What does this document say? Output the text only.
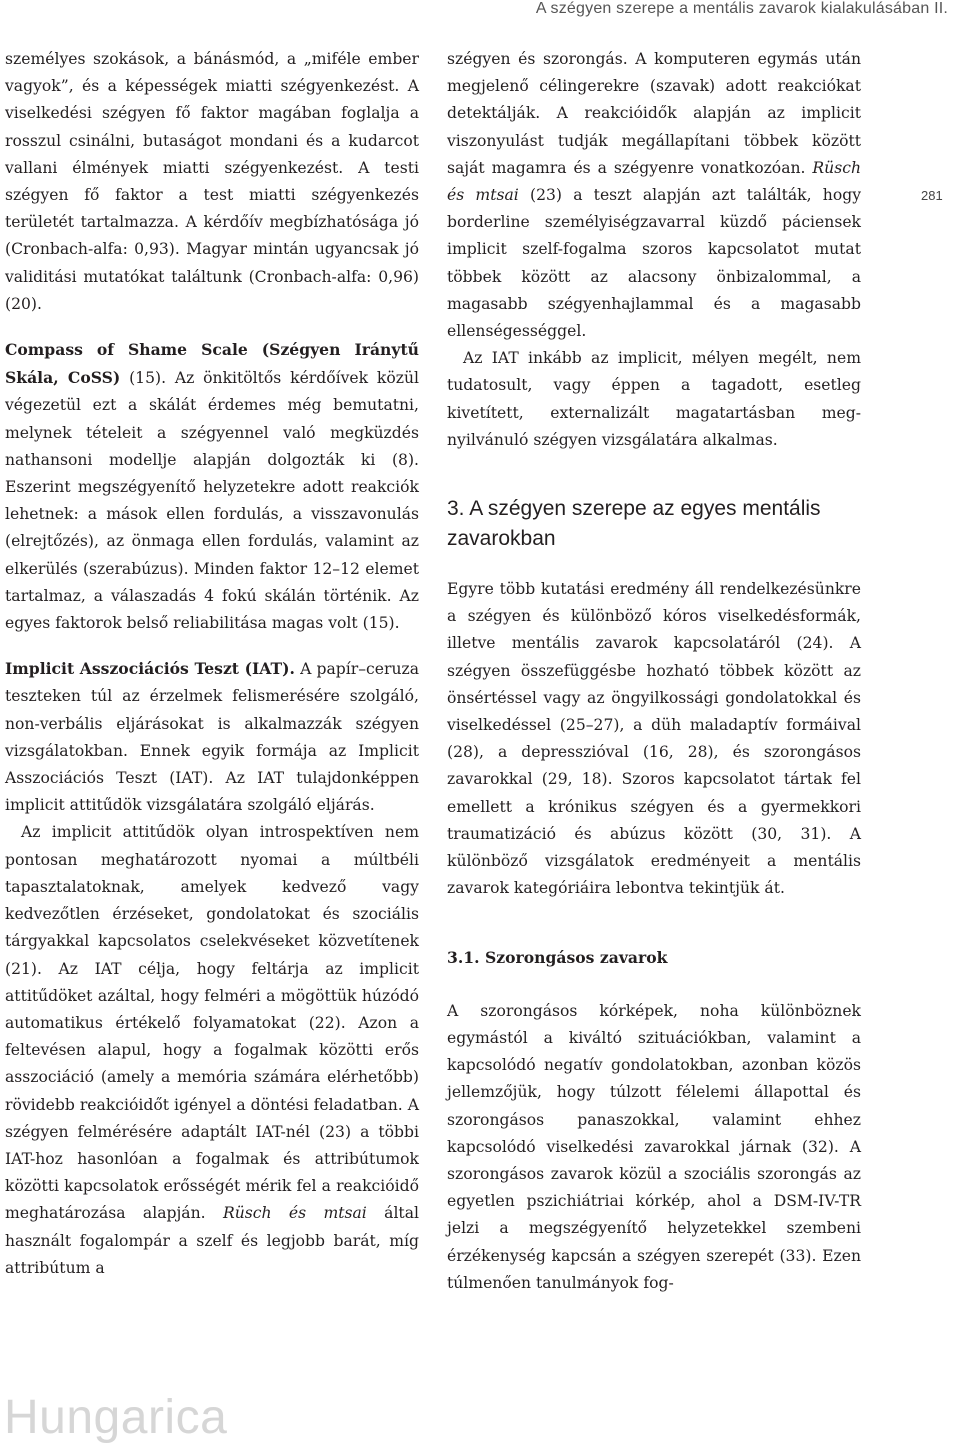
A szégyen szerepe a mentális zavarok kialakulásában II.
281
Hungarica

személyes szokások, a bánásmód, a „miféle ember vagyok”, és a képességek miatti szégyenkezést. A viselkedési szégyen fő faktor magában foglalja a rosszul csinálni, butaságot mondani és a kudarcot vallani élmények miatti szégyenkezést. A testi szégyen fő faktor a test miatti szégyenkezés területét tartalmazza. A kérdőív megbízhatósága jó (Cronbach-alfa: 0,93). Magyar mintán ugyancsak jó validitási mutatókat találtunk (Cronbach-alfa: 0,96) (20).

Compass of Shame Scale (Szégyen Iránytű Skála, CoSS) (15). Az önkitöltős kérdőívek közül végezetül ezt a skálát érdemes még bemutatni, melynek tételeit a szégyennel való megküzdés nathansoni modellje alapján dolgozták ki (8). Eszerint megszégyenítő helyzetekre adott reakciók lehetnek: a mások ellen fordulás, a visszavonulás (elrejtőzés), az önmaga ellen fordulás, valamint az elkerülés (szerabúzus). Minden faktor 12–12 elemet tartalmaz, a válaszadás 4 fokú skálán történik. Az egyes faktorok belső reliabilitása magas volt (15).

Implicit Asszociációs Teszt (IAT). A papír–ceruza teszteken túl az érzelmek felismerésére szolgáló, non-verbális eljárásokat is alkalmazzák szégyen vizsgálatokban. Ennek egyik formája az Implicit Asszociációs Teszt (IAT). Az IAT tulajdonképpen implicit attitűdök vizsgálatára szolgáló eljárás.

Az implicit attitűdök olyan introspektíven nem pontosan meghatározott nyomai a múltbéli tapasztalatoknak, amelyek kedvező vagy kedvezőtlen érzéseket, gondolatokat és szociális tárgyakkal kapcsolatos cselekvéseket közvetítenek (21). Az IAT célja, hogy feltárja az implicit attitűdöket azáltal, hogy felméri a mögöttük húzódó automatikus értékelő folyamatokat (22). Azon a feltevésen alapul, hogy a fogalmak közötti erős asszociáció (amely a memória számára elérhetőbb) rövidebb reakcióidőt igényel a döntési feladatban. A szégyen felmérésére adaptált IAT-nél (23) a többi IAT-hoz hasonlóan a fogalmak és attribútumok közötti kapcsolatok erősségét mérik fel a reakcióidő meghatározása alapján. Rüsch és mtsai által használt fogalompár a szelf és legjobb barát, míg attribútum a

szégyen és szorongás. A komputeren egymás után megjelenő célingerekre (szavak) adott reakciókat detektálják. A reakcióidők alapján az implicit viszonyulást tudják megállapítani többek között saját magamra és a szégyenre vonatkozóan. Rüsch és mtsai (23) a teszt alapján azt találták, hogy borderline személyiségzavarral küzdő páciensek implicit szelf-fogalma szoros kapcsolatot mutat többek között az alacsony önbizalommal, a magasabb szégyenhajlammal és a magasabb ellenségességgel.

Az IAT inkább az implicit, mélyen megélt, nem tudatosult, vagy éppen a tagadott, esetleg kivetített, externalizált magatartásban megnyilvánuló szégyen vizsgálatára alkalmas.

3. A szégyen szerepe az egyes mentális zavarokban

Egyre több kutatási eredmény áll rendelkezésünkre a szégyen és különböző kóros viselkedésformák, illetve mentális zavarok kapcsolatáról (24). A szégyen összefüggésbe hozható többek között az önsértéssel vagy az öngyilkossági gondolatokkal és viselkedéssel (25–27), a düh maladaptív formáival (28), a depresszióval (16, 28), és szorongásos zavarokkal (29, 18). Szoros kapcsolatot tártak fel emellett a krónikus szégyen és a gyermekkori traumatizáció és abúzus között (30, 31). A különböző vizsgálatok eredményeit a mentális zavarok kategóriáira lebontva tekintjük át.

3.1. Szorongásos zavarok

A szorongásos kórképek, noha különböznek egymástól a kiváltó szituációkban, valamint a kapcsolódó negatív gondolatokban, azonban közös jellemzőjük, hogy túlzott félelemi állapottal és szorongásos panaszokkal, valamint ehhez kapcsolódó viselkedési zavarokkal járnak (32). A szorongásos zavarok közül a szociális szorongás az egyetlen pszichiátriai kórkép, ahol a DSM-IV-TR jelzi a megszégyenítő helyzetekkel szembeni érzékenység kapcsán a szégyen szerepét (33). Ezen túlmenően tanulmányok fog-
